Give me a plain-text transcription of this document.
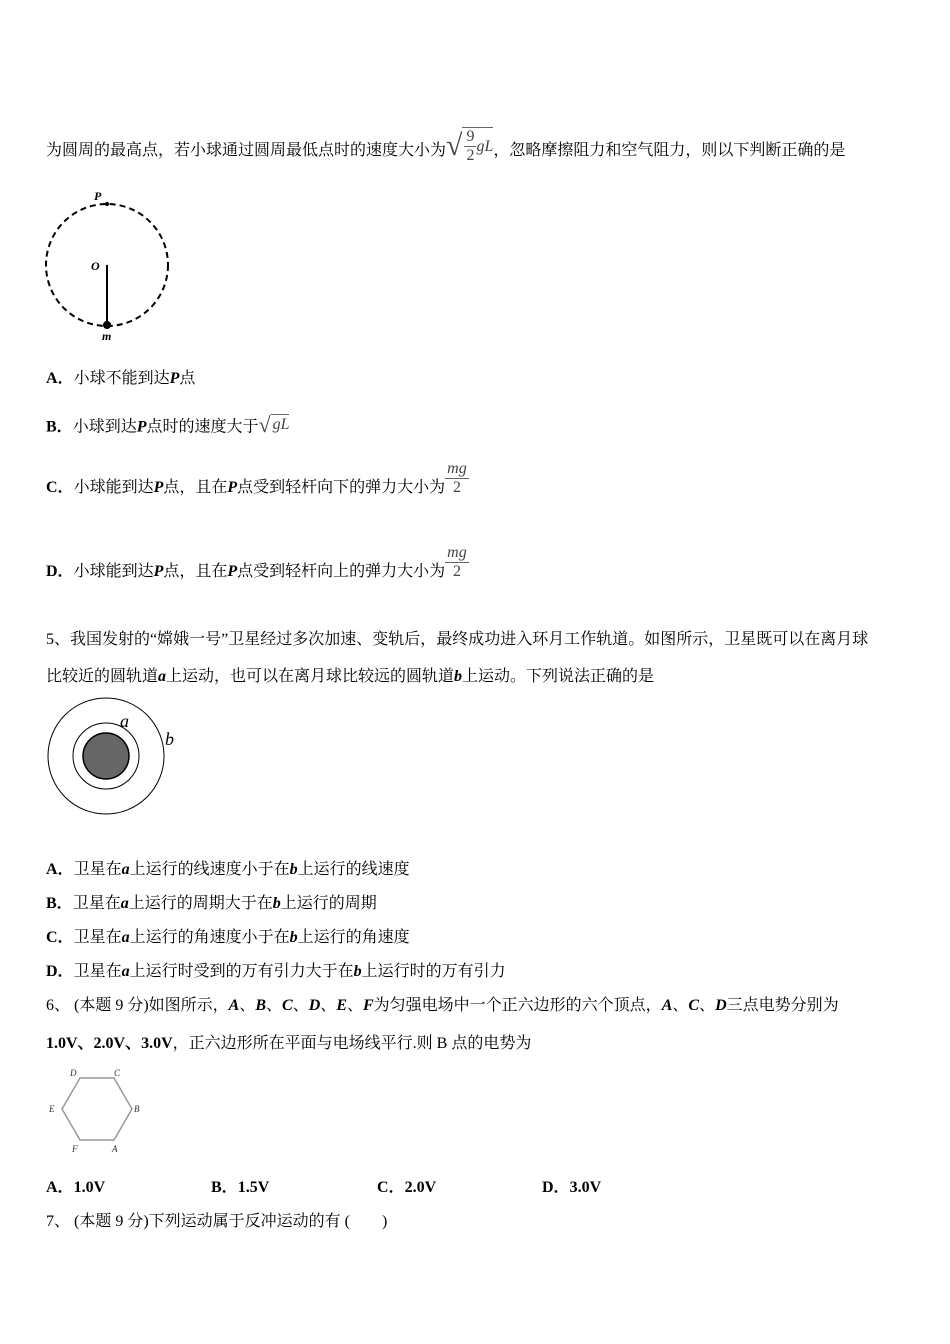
为圆周的最高点，若小球通过圆周最低点时的速度大小为 √ $\frac{9}{2}$ gL ，忽略摩擦阻力和空气阻力，则以下判断正确的是
P
O
m
A．小球不能到达P点
B．小球到达P点时的速度大于 √ gL
C．小球能到达P点，且在P点受到轻杆向下的弹力大小为 $\frac{mg}{2}$
D．小球能到达P点，且在P点受到轻杆向上的弹力大小为 $\frac{mg}{2}$
5、我国发射的“嫦娥一号”卫星经过多次加速、变轨后，最终成功进入环月工作轨道。如图所示，卫星既可以在离月球
比较近的圆轨道a上运动，也可以在离月球比较远的圆轨道b上运动。下列说法正确的是
a
b
A．卫星在a上运行的线速度小于在b上运行的线速度
B．卫星在a上运行的周期大于在b上运行的周期
C．卫星在a上运行的角速度小于在b上运行的角速度
D．卫星在a上运行时受到的万有引力大于在b上运行时的万有引力
6、 (本题 9 分)如图所示，A、B、C、D、E、F为匀强电场中一个正六边形的六个顶点，A、C、D三点电势分别为
1.0V、2.0V、3.0V，正六边形所在平面与电场线平行.则 B 点的电势为
D	C
E	B
F	A
A．1.0V	B．1.5V	C．2.0V	D．3.0V
7、 (本题 9 分)下列运动属于反冲运动的有 (　　)
